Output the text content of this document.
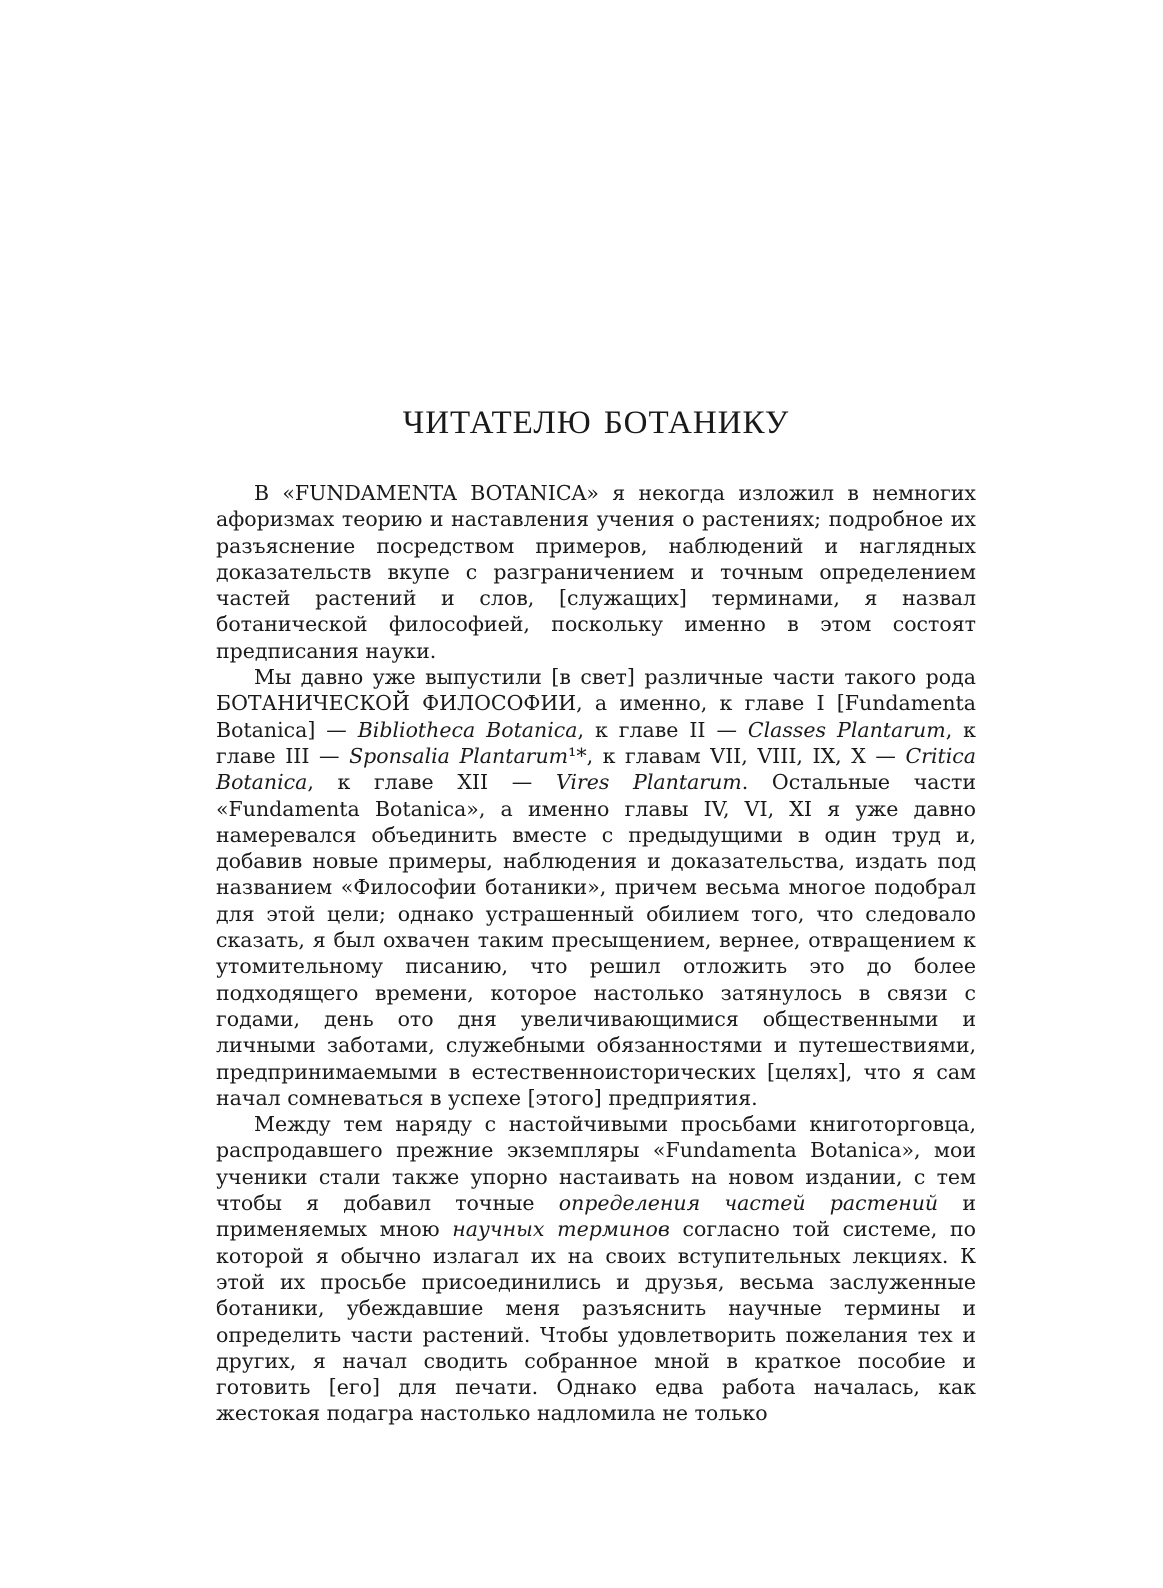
ЧИТАТЕЛЮ БОТАНИКУ

В «FUNDAMENTA BOTANICA» я некогда изложил в немногих афоризмах теорию и наставления учения о растениях; подробное их разъяснение посредством примеров, наблюдений и наглядных доказательств вкупе с разграничением и точным определением частей растений и слов, [служащих] терминами, я назвал ботанической философией, поскольку именно в этом состоят предписания науки.

Мы давно уже выпустили [в свет] различные части такого рода БОТАНИЧЕСКОЙ ФИЛОСОФИИ, а именно, к главе I [Fundamenta Botanica] — Bibliotheca Botanica, к главе II — Classes Plantarum, к главе III — Sponsalia Plantarum¹*, к главам VII, VIII, IX, X — Critica Botanica, к главе XII — Vires Plantarum. Остальные части «Fundamenta Botanica», а именно главы IV, VI, XI я уже давно намеревался объединить вместе с предыдущими в один труд и, добавив новые примеры, наблюдения и доказательства, издать под названием «Философии ботаники», причем весьма многое подобрал для этой цели; однако устрашенный обилием того, что следовало сказать, я был охвачен таким пресыщением, вернее, отвращением к утомительному писанию, что решил отложить это до более подходящего времени, которое настолько затянулось в связи с годами, день ото дня увеличивающимися общественными и личными заботами, служебными обязанностями и путешествиями, предпринимаемыми в естественноисторических [целях], что я сам начал сомневаться в успехе [этого] предприятия.

Между тем наряду с настойчивыми просьбами книготорговца, распродавшего прежние экземпляры «Fundamenta Botanica», мои ученики стали также упорно настаивать на новом издании, с тем чтобы я добавил точные определения частей растений и применяемых мною научных терминов согласно той системе, по которой я обычно излагал их на своих вступительных лекциях. К этой их просьбе присоединились и друзья, весьма заслуженные ботаники, убеждавшие меня разъяснить научные термины и определить части растений. Чтобы удовлетворить пожелания тех и других, я начал сводить собранное мной в краткое пособие и готовить [его] для печати. Однако едва работа началась, как жестокая подагра настолько надломила не только
